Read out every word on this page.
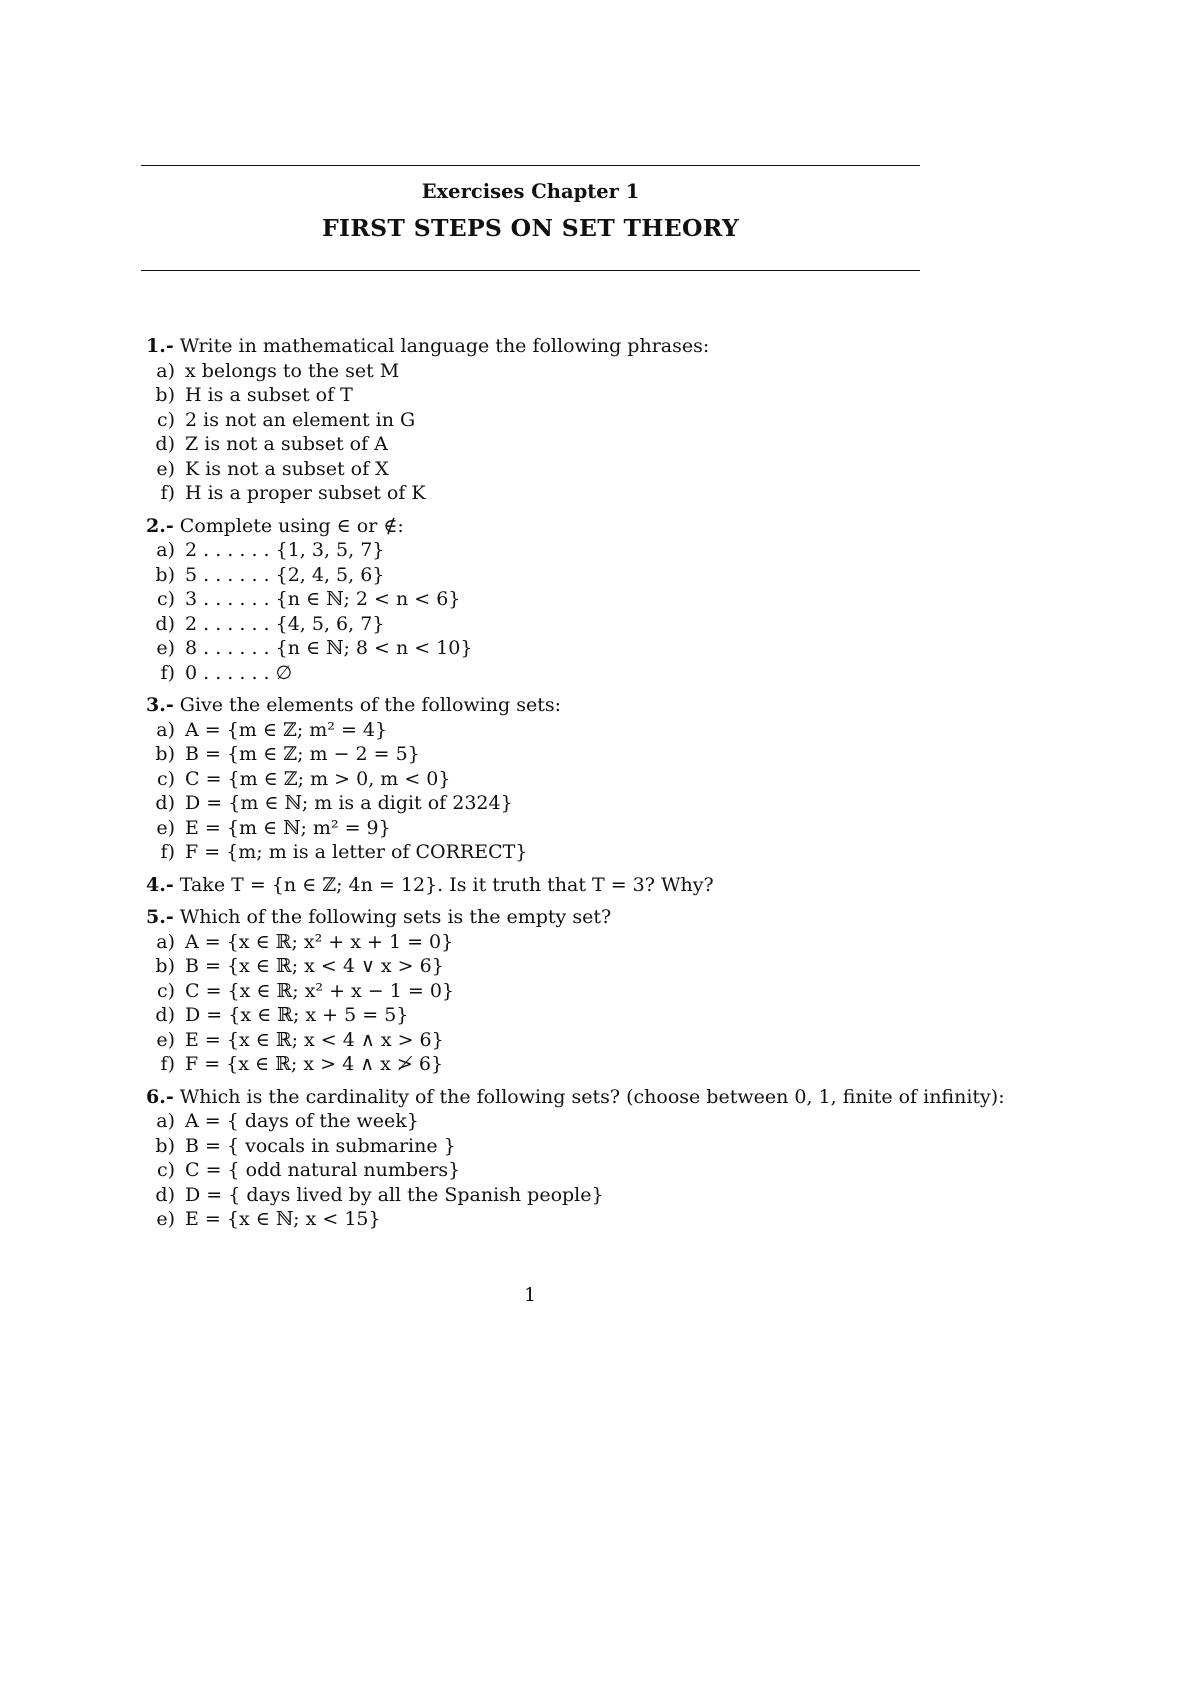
Exercises Chapter 1
FIRST STEPS ON SET THEORY
1.- Write in mathematical language the following phrases:
a) x belongs to the set M
b) H is a subset of T
c) 2 is not an element in G
d) Z is not a subset of A
e) K is not a subset of X
f) H is a proper subset of K
2.- Complete using ∈ or ∉:
a) 2 . . . . . . {1, 3, 5, 7}
b) 5 . . . . . . {2, 4, 5, 6}
c) 3 . . . . . . {n ∈ ℕ; 2 < n < 6}
d) 2 . . . . . . {4, 5, 6, 7}
e) 8 . . . . . . {n ∈ ℕ; 8 < n < 10}
f) 0 . . . . . . ∅
3.- Give the elements of the following sets:
a) A = {m ∈ ℤ; m² = 4}
b) B = {m ∈ ℤ; m − 2 = 5}
c) C = {m ∈ ℤ; m > 0, m < 0}
d) D = {m ∈ ℕ; m is a digit of 2324}
e) E = {m ∈ ℕ; m² = 9}
f) F = {m; m is a letter of CORRECT}
4.- Take T = {n ∈ ℤ; 4n = 12}. Is it truth that T = 3? Why?
5.- Which of the following sets is the empty set?
a) A = {x ∈ ℝ; x² + x + 1 = 0}
b) B = {x ∈ ℝ; x < 4 ∨ x > 6}
c) C = {x ∈ ℝ; x² + x − 1 = 0}
d) D = {x ∈ ℝ; x + 5 = 5}
e) E = {x ∈ ℝ; x < 4 ∧ x > 6}
f) F = {x ∈ ℝ; x > 4 ∧ x ≯ 6}
6.- Which is the cardinality of the following sets? (choose between 0, 1, finite of infinity):
a) A = { days of the week}
b) B = { vocals in submarine }
c) C = { odd natural numbers}
d) D = { days lived by all the Spanish people}
e) E = {x ∈ ℕ; x < 15}
1
